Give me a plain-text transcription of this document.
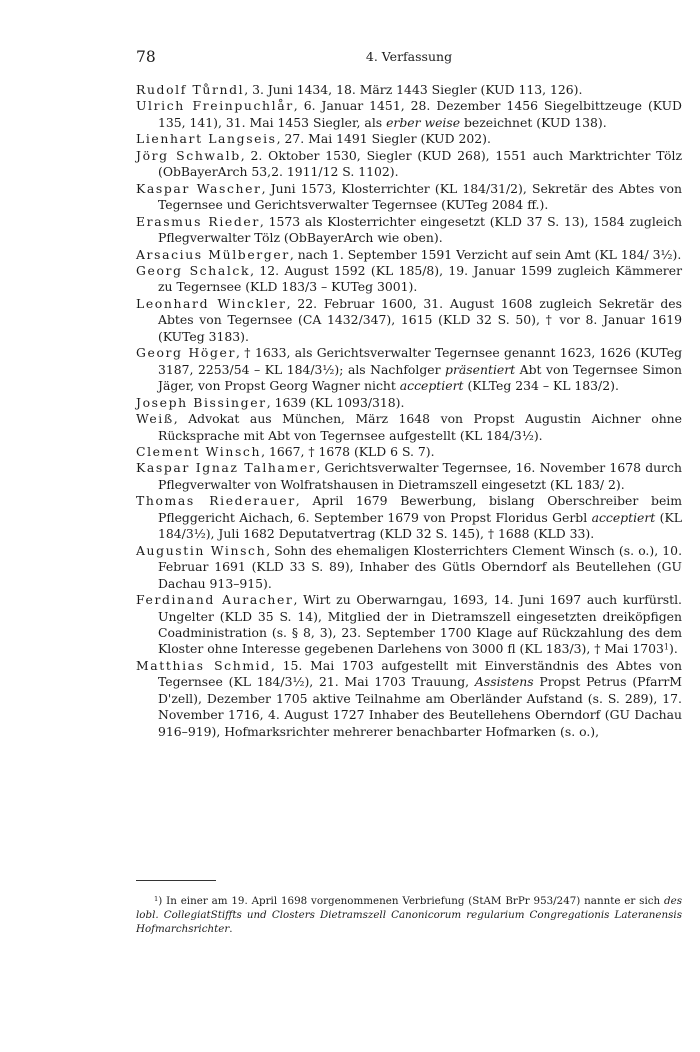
78	4. Verfassung

Rudolf Tůrndl, 3. Juni 1434, 18. März 1443 Siegler (KUD 113, 126).

Ulrich Freinpuchlår, 6. Januar 1451, 28. Dezember 1456 Siegelbittzeuge (KUD 135, 141), 31. Mai 1453 Siegler, als erber weise bezeichnet (KUD 138).

Lienhart Langseis, 27. Mai 1491 Siegler (KUD 202).

Jörg Schwalb, 2. Oktober 1530, Siegler (KUD 268), 1551 auch Marktrichter Tölz (ObBayerArch 53,2. 1911/12 S. 1102).

Kaspar Wascher, Juni 1573, Klosterrichter (KL 184/31/2), Sekretär des Abtes von Tegernsee und Gerichtsverwalter Tegernsee (KUTeg 2084 ff.).

Erasmus Rieder, 1573 als Klosterrichter eingesetzt (KLD 37 S. 13), 1584 zugleich Pflegverwalter Tölz (ObBayerArch wie oben).

Arsacius Mülberger, nach 1. September 1591 Verzicht auf sein Amt (KL 184/ 3½).

Georg Schalck, 12. August 1592 (KL 185/8), 19. Januar 1599 zugleich Kämmerer zu Tegernsee (KLD 183/3 – KUTeg 3001).

Leonhard Winckler, 22. Februar 1600, 31. August 1608 zugleich Sekretär des Abtes von Tegernsee (CA 1432/347), 1615 (KLD 32 S. 50), † vor 8. Januar 1619 (KUTeg 3183).

Georg Höger, † 1633, als Gerichtsverwalter Tegernsee genannt 1623, 1626 (KUTeg 3187, 2253/54 – KL 184/3½); als Nachfolger präsentiert Abt von Tegernsee Simon Jäger, von Propst Georg Wagner nicht acceptiert (KLTeg 234 – KL 183/2).

Joseph Bissinger, 1639 (KL 1093/318).

Weiß, Advokat aus München, März 1648 von Propst Augustin Aichner ohne Rücksprache mit Abt von Tegernsee aufgestellt (KL 184/3½).

Clement Winsch, 1667, † 1678 (KLD 6 S. 7).

Kaspar Ignaz Talhamer, Gerichtsverwalter Tegernsee, 16. November 1678 durch Pflegverwalter von Wolfratshausen in Dietramszell eingesetzt (KL 183/ 2).

Thomas Riederauer, April 1679 Bewerbung, bislang Oberschreiber beim Pfleggericht Aichach, 6. September 1679 von Propst Floridus Gerbl acceptiert (KL 184/3½), Juli 1682 Deputatvertrag (KLD 32 S. 145), † 1688 (KLD 33).

Augustin Winsch, Sohn des ehemaligen Klosterrichters Clement Winsch (s. o.), 10. Februar 1691 (KLD 33 S. 89), Inhaber des Gütls Oberndorf als Beutellehen (GU Dachau 913–915).

Ferdinand Auracher, Wirt zu Oberwarngau, 1693, 14. Juni 1697 auch kurfürstl. Ungelter (KLD 35 S. 14), Mitglied der in Dietramszell eingesetzten dreiköpfigen Coadministration (s. § 8, 3), 23. September 1700 Klage auf Rückzahlung des dem Kloster ohne Interesse gegebenen Darlehens von 3000 fl (KL 183/3), † Mai 1703$^1$).

Matthias Schmid, 15. Mai 1703 aufgestellt mit Einverständnis des Abtes von Tegernsee (KL 184/3½), 21. Mai 1703 Trauung, Assistens Propst Petrus (PfarrM D'zell), Dezember 1705 aktive Teilnahme am Oberländer Aufstand (s. S. 289), 17. November 1716, 4. August 1727 Inhaber des Beutellehens Oberndorf (GU Dachau 916–919), Hofmarksrichter mehrerer benachbarter Hofmarken (s. o.),

$^1$) In einer am 19. April 1698 vorgenommenen Verbriefung (StAM BrPr 953/247) nannte er sich des lobl. CollegiatStiffts und Closters Dietramszell Canonicorum regularium Congregationis Lateranensis Hofmarchsrichter.
